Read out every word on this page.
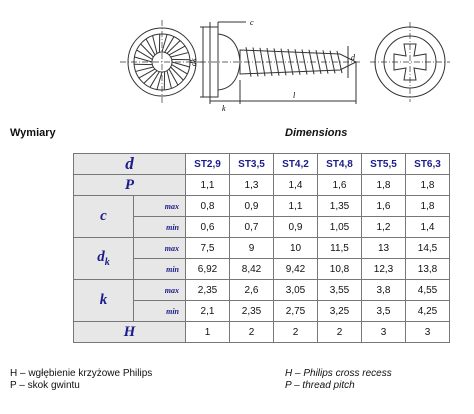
c
dk
d
k
l
Wymiary	Dimensions
d		ST2,9	ST3,5	ST4,2	ST4,8	ST5,5	ST6,3
P		1,1	1,3	1,4	1,6	1,8	1,8
c	max	0,8	0,9	1,1	1,35	1,6	1,8
	min	0,6	0,7	0,9	1,05	1,2	1,4
$d_k$	max	7,5	9	10	11,5	13	14,5
	min	6,92	8,42	9,42	10,8	12,3	13,8
k	max	2,35	2,6	3,05	3,55	3,8	4,55
	min	2,1	2,35	2,75	3,25	3,5	4,25
H		1	2	2	2	3	3
H – wgłębienie krzyżowe Philips
P – skok gwintu
H – Philips cross recess
P – thread pitch
